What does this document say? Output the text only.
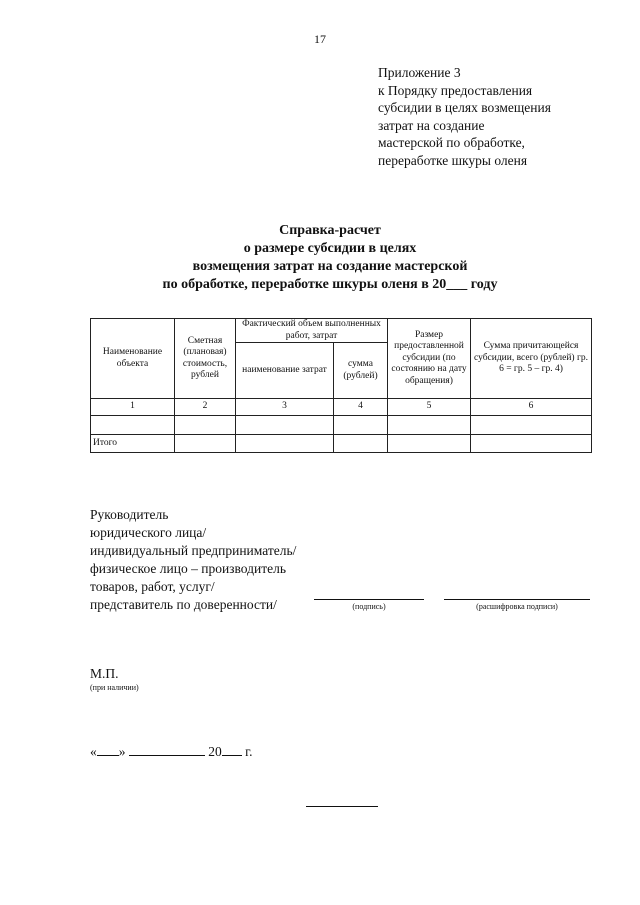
17
Приложение 3
к Порядку предоставления
субсидии в целях возмещения
затрат на создание
мастерской по обработке,
переработке шкуры оленя
Справка-расчет
о размере субсидии в целях
возмещения затрат на создание мастерской
по обработке, переработке шкуры оленя в 20___ году
Наименование объекта	Сметная (плановая) стоимость, рублей	Фактический объем выполненных работ, затрат		Размер предоставленной субсидии (по состоянию на дату обращения)	Сумма причитающейся субсидии, всего (рублей) гр. 6 = гр. 5 – гр. 4)
		наименование затрат	сумма (рублей)		
1	2	3	4	5	6

Итого					
Руководитель
юридического лица/
индивидуальный предприниматель/
физическое лицо – производитель
товаров, работ, услуг/
представитель по доверенности/	(подпись)	(расшифровка подписи)
М.П.
(при наличии)
« »	20 г.
